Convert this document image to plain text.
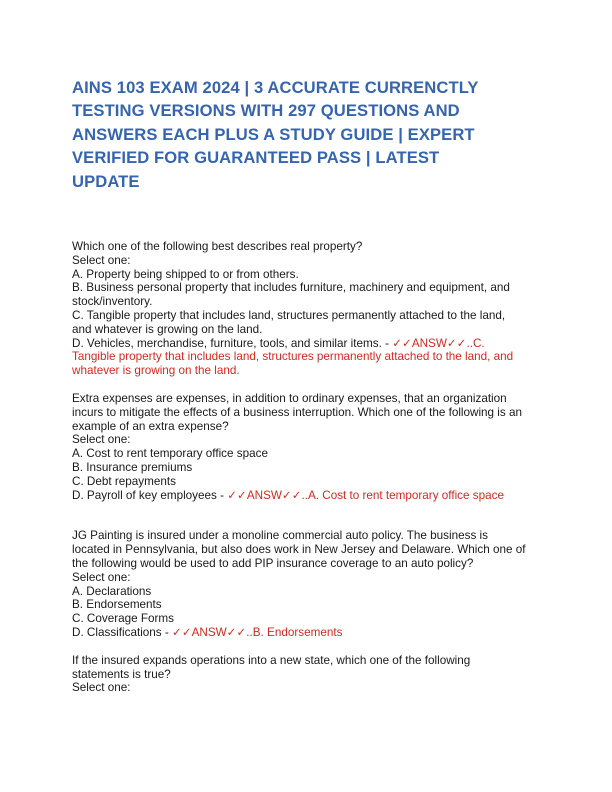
AINS 103 EXAM 2024 | 3 ACCURATE CURRENCTLY
TESTING VERSIONS WITH 297 QUESTIONS AND
ANSWERS EACH PLUS A STUDY GUIDE | EXPERT
VERIFIED FOR GUARANTEED PASS | LATEST
UPDATE
Which one of the following best describes real property?
Select one:
A. Property being shipped to or from others.
B. Business personal property that includes furniture, machinery and equipment, and
stock/inventory.
C. Tangible property that includes land, structures permanently attached to the land,
and whatever is growing on the land.
D. Vehicles, merchandise, furniture, tools, and similar items. - ✓✓ANSW✓✓..C.
Tangible property that includes land, structures permanently attached to the land, and
whatever is growing on the land.
Extra expenses are expenses, in addition to ordinary expenses, that an organization
incurs to mitigate the effects of a business interruption. Which one of the following is an
example of an extra expense?
Select one:
A. Cost to rent temporary office space
B. Insurance premiums
C. Debt repayments
D. Payroll of key employees - ✓✓ANSW✓✓..A. Cost to rent temporary office space
JG Painting is insured under a monoline commercial auto policy. The business is
located in Pennsylvania, but also does work in New Jersey and Delaware. Which one of
the following would be used to add PIP insurance coverage to an auto policy?
Select one:
A. Declarations
B. Endorsements
C. Coverage Forms
D. Classifications - ✓✓ANSW✓✓..B. Endorsements
If the insured expands operations into a new state, which one of the following
statements is true?
Select one:
